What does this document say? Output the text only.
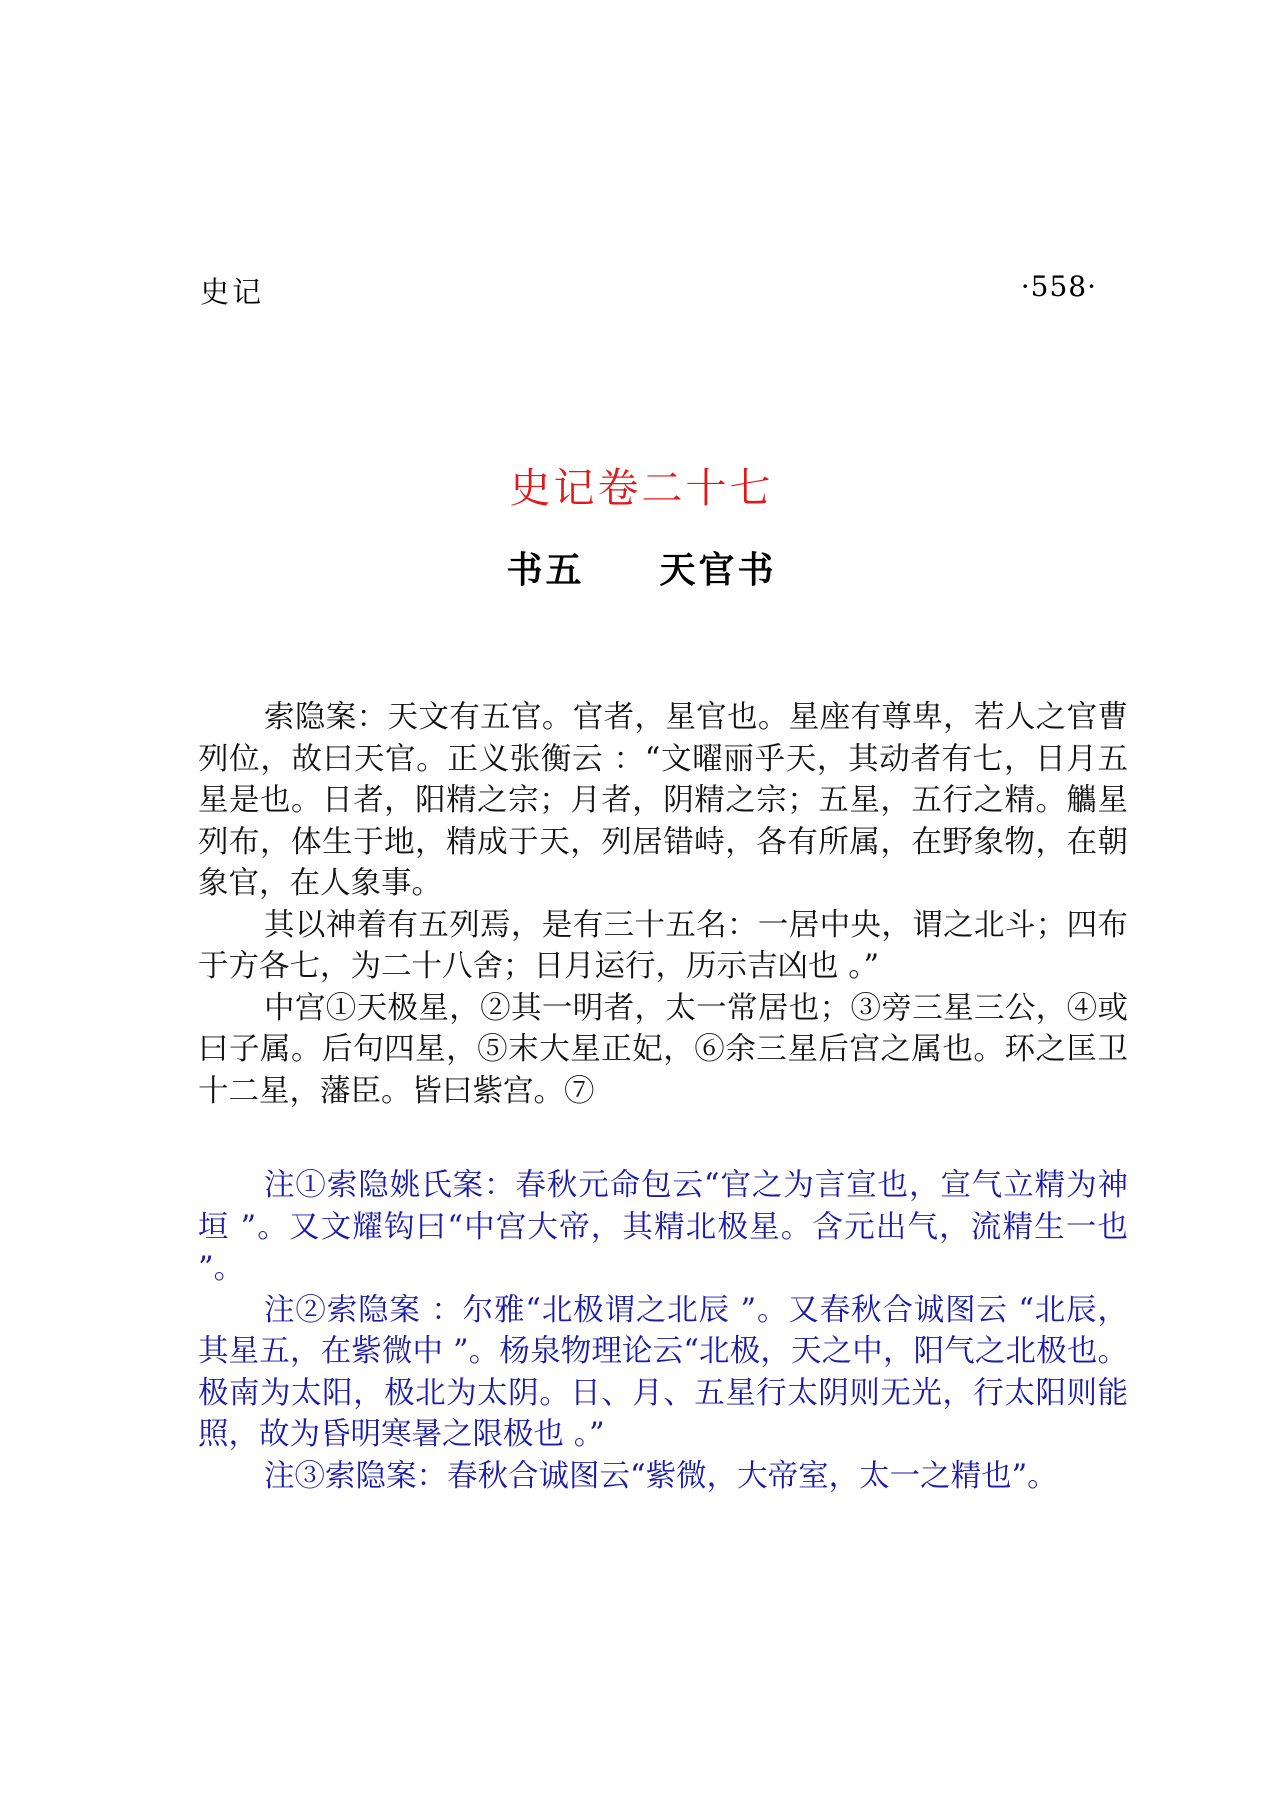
史记	·558·
史记卷二十七
书五 天官书

索隐案：天文有五官。官者，星官也。星座有尊卑，若人之官曹列位，故曰天官。正义张衡云 ：“文曜丽乎天，其动者有七，日月五星是也。日者，阳精之宗；月者，阴精之宗；五星，五行之精。觿星列布，体生于地，精成于天，列居错峙，各有所属，在野象物，在朝象官，在人象事。

其以神着有五列焉，是有三十五名：一居中央，谓之北斗；四布于方各七，为二十八舍；日月运行，历示吉凶也 。”

中宫①天极星，②其一明者，太一常居也；③旁三星三公，④或曰子属。后句四星，⑤末大星正妃，⑥余三星后宫之属也。环之匡卫十二星，藩臣。皆曰紫宫。⑦

注①索隐姚氏案：春秋元命包云“官之为言宣也，宣气立精为神垣 ”。又文耀钩曰“中宫大帝，其精北极星。含元出气，流精生一也 ”。

注②索隐案 ：尔雅“北极谓之北辰 ”。又春秋合诚图云 “北辰，其星五，在紫微中 ”。杨泉物理论云“北极，天之中，阳气之北极也。极南为太阳，极北为太阴。日、月、五星行太阴则无光，行太阳则能照，故为昏明寒暑之限极也 。”

注③索隐案：春秋合诚图云“紫微，大帝室，太一之精也”。
